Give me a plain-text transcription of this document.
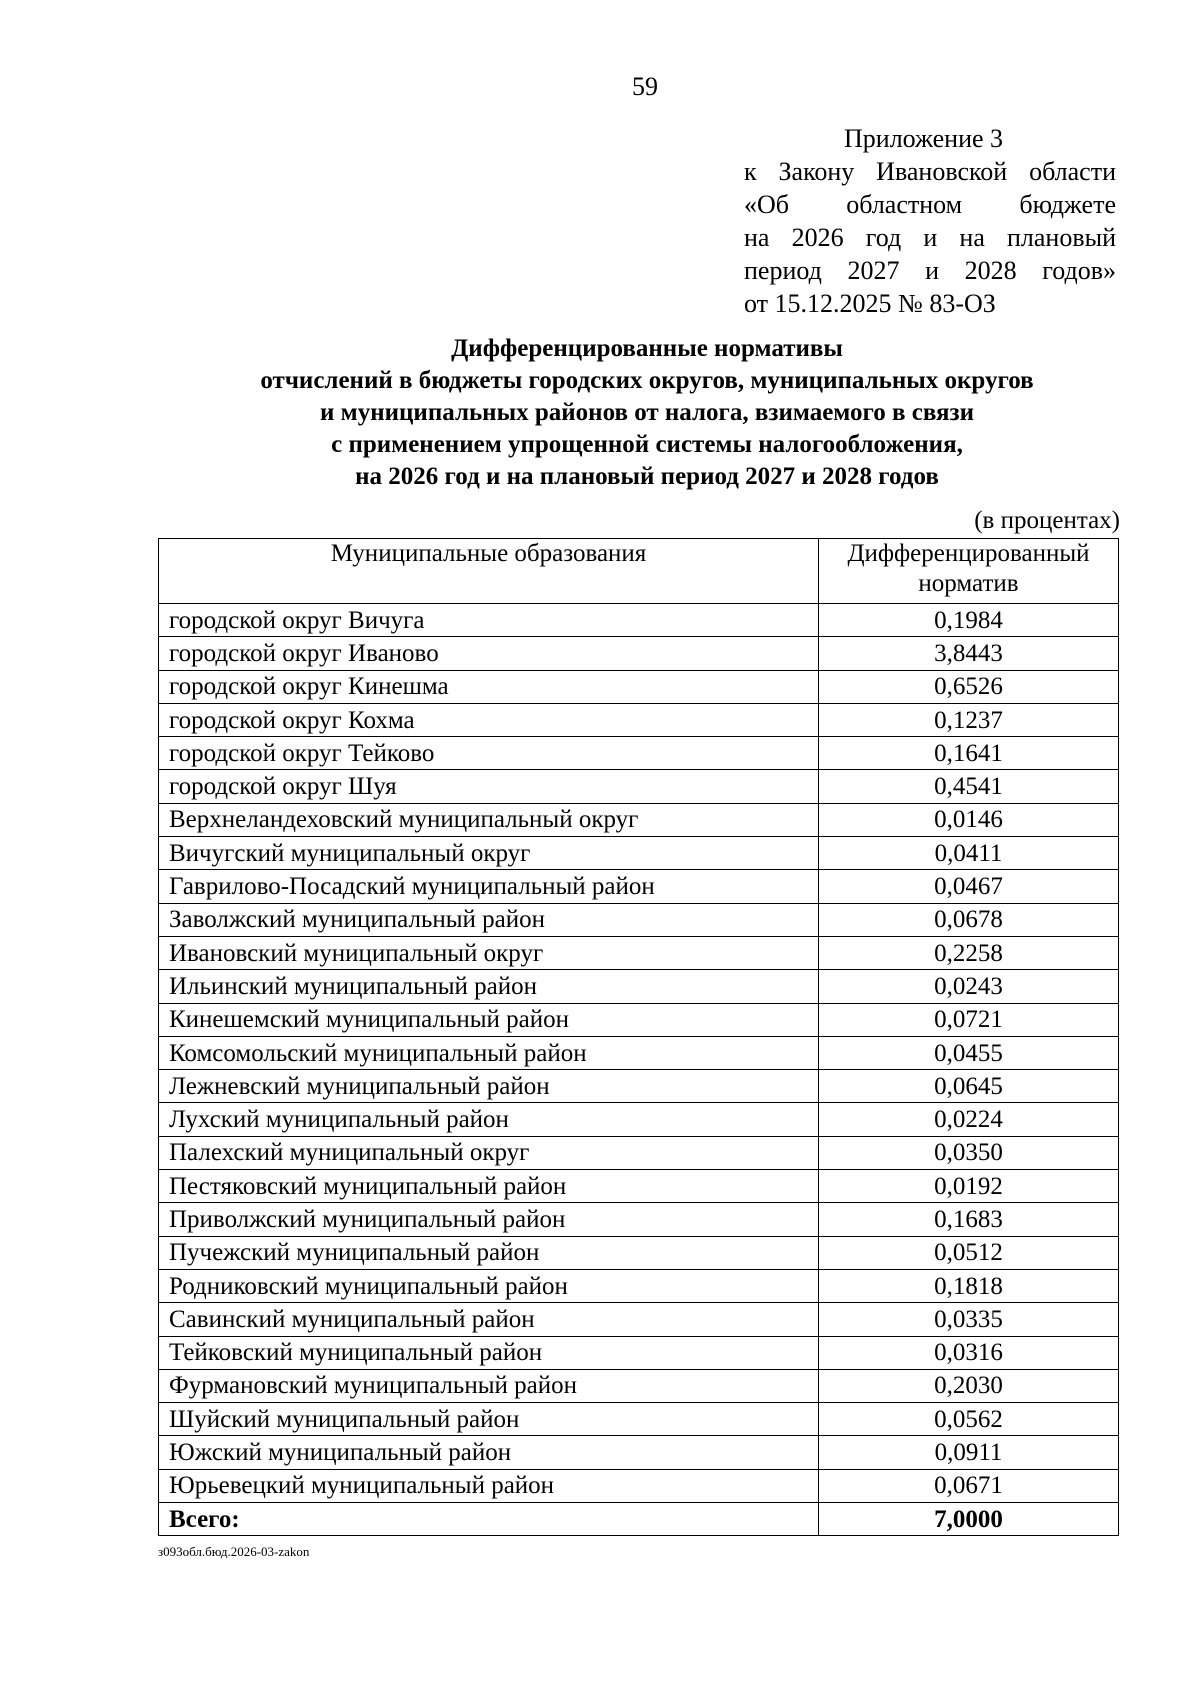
59
Приложение 3
к Закону Ивановской области
«Об областном бюджете
на 2026 год и на плановый
период 2027 и 2028 годов»
от 15.12.2025 № 83-ОЗ
Дифференцированные нормативы
отчислений в бюджеты городских округов, муниципальных округов
и муниципальных районов от налога, взимаемого в связи
с применением упрощенной системы налогообложения,
на 2026 год и на плановый период 2027 и 2028 годов
(в процентах)
Муниципальные образования	Дифференцированный норматив
городской округ Вичуга	0,1984
городской округ Иваново	3,8443
городской округ Кинешма	0,6526
городской округ Кохма	0,1237
городской округ Тейково	0,1641
городской округ Шуя	0,4541
Верхнеландеховский муниципальный округ	0,0146
Вичугский муниципальный округ	0,0411
Гаврилово-Посадский муниципальный район	0,0467
Заволжский муниципальный район	0,0678
Ивановский муниципальный округ	0,2258
Ильинский муниципальный район	0,0243
Кинешемский муниципальный район	0,0721
Комсомольский муниципальный район	0,0455
Лежневский муниципальный район	0,0645
Лухский муниципальный район	0,0224
Палехский муниципальный округ	0,0350
Пестяковский муниципальный район	0,0192
Приволжский муниципальный район	0,1683
Пучежский муниципальный район	0,0512
Родниковский муниципальный район	0,1818
Савинский муниципальный район	0,0335
Тейковский муниципальный район	0,0316
Фурмановский муниципальный район	0,2030
Шуйский муниципальный район	0,0562
Южский муниципальный район	0,0911
Юрьевецкий муниципальный район	0,0671
Всего:	7,0000
з093обл.бюд.2026-03-zakon
